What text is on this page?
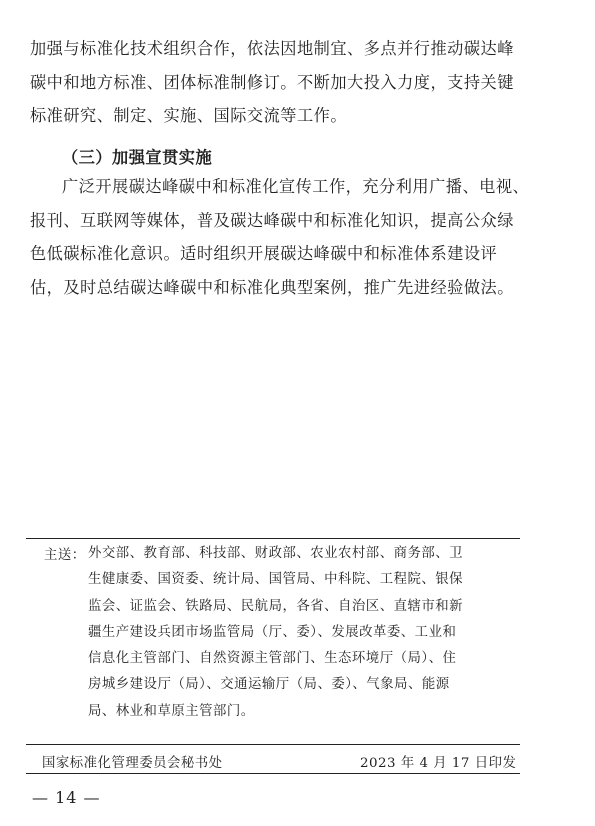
加强与标准化技术组织合作，依法因地制宜、多点并行推动碳达峰
碳中和地方标准、团体标准制修订。不断加大投入力度，支持关键
标准研究、制定、实施、国际交流等工作。
（三）加强宣贯实施
广泛开展碳达峰碳中和标准化宣传工作，充分利用广播、电视、
报刊、互联网等媒体，普及碳达峰碳中和标准化知识，提高公众绿
色低碳标准化意识。适时组织开展碳达峰碳中和标准体系建设评
估，及时总结碳达峰碳中和标准化典型案例，推广先进经验做法。
主送： 外交部、教育部、科技部、财政部、农业农村部、商务部、卫
生健康委、国资委、统计局、国管局、中科院、工程院、银保
监会、证监会、铁路局、民航局，各省、自治区、直辖市和新
疆生产建设兵团市场监管局（厅、委）、发展改革委、工业和
信息化主管部门、自然资源主管部门、生态环境厅（局）、住
房城乡建设厅（局）、交通运输厅（局、委）、气象局、能源
局、林业和草原主管部门。
国家标准化管理委员会秘书处	2023 年 4 月 17 日印发
— 14 —
